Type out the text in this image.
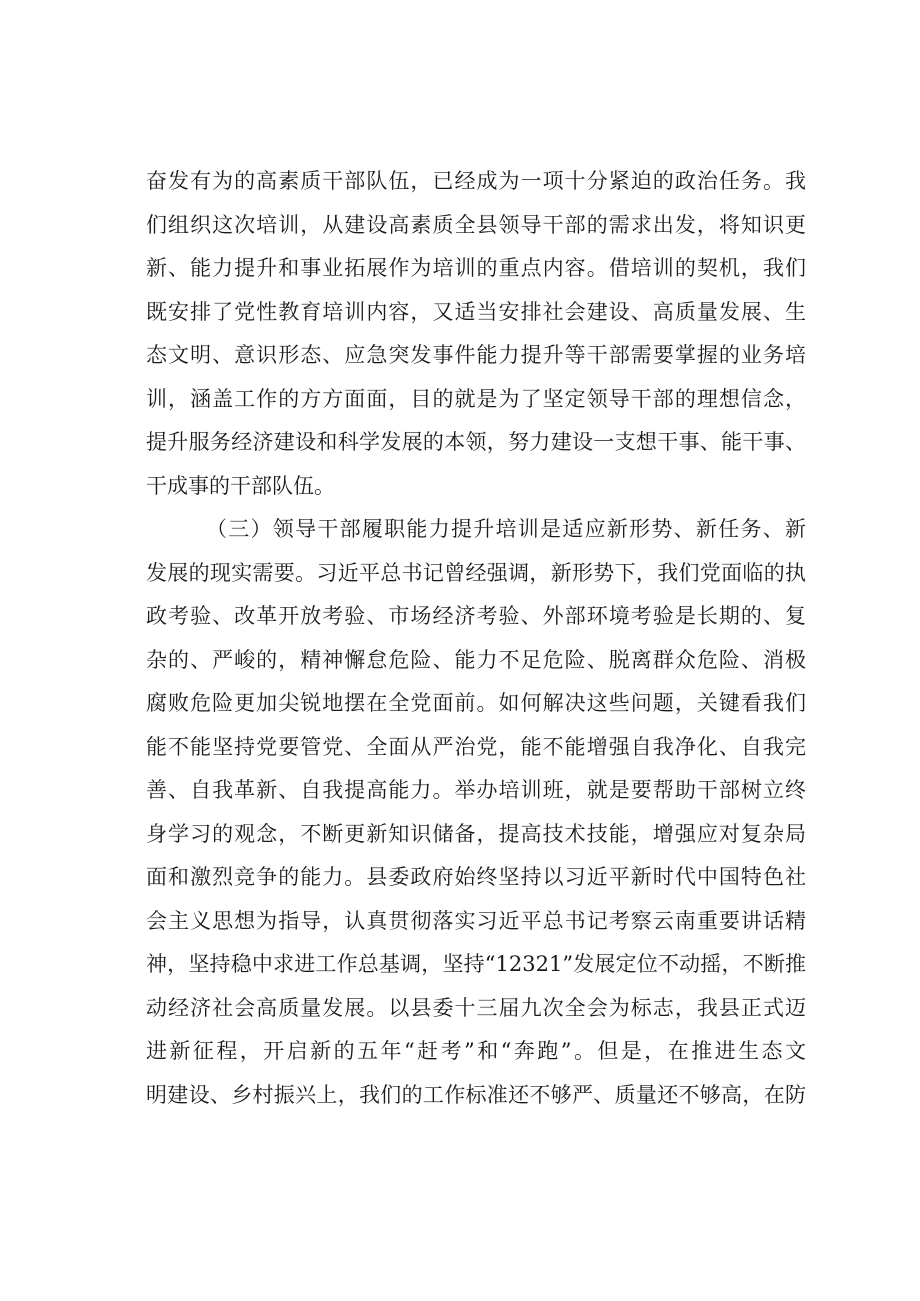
奋发有为的高素质干部队伍，已经成为一项十分紧迫的政治任务。我
们组织这次培训，从建设高素质全县领导干部的需求出发，将知识更
新、能力提升和事业拓展作为培训的重点内容。借培训的契机，我们
既安排了党性教育培训内容，又适当安排社会建设、高质量发展、生
态文明、意识形态、应急突发事件能力提升等干部需要掌握的业务培
训，涵盖工作的方方面面，目的就是为了坚定领导干部的理想信念，
提升服务经济建设和科学发展的本领，努力建设一支想干事、能干事、
干成事的干部队伍。
（三）领导干部履职能力提升培训是适应新形势、新任务、新
发展的现实需要。习近平总书记曾经强调，新形势下，我们党面临的执
政考验、改革开放考验、市场经济考验、外部环境考验是长期的、复
杂的、严峻的，精神懈怠危险、能力不足危险、脱离群众危险、消极
腐败危险更加尖锐地摆在全党面前。如何解决这些问题，关键看我们
能不能坚持党要管党、全面从严治党，能不能增强自我净化、自我完
善、自我革新、自我提高能力。举办培训班，就是要帮助干部树立终
身学习的观念，不断更新知识储备，提高技术技能，增强应对复杂局
面和激烈竞争的能力。县委政府始终坚持以习近平新时代中国特色社
会主义思想为指导，认真贯彻落实习近平总书记考察云南重要讲话精
神，坚持稳中求进工作总基调，坚持“12321”发展定位不动摇，不断推
动经济社会高质量发展。以县委十三届九次全会为标志，我县正式迈
进新征程，开启新的五年“赶考”和“奔跑”。但是，在推进生态文
明建设、乡村振兴上，我们的工作标准还不够严、质量还不够高，在防
